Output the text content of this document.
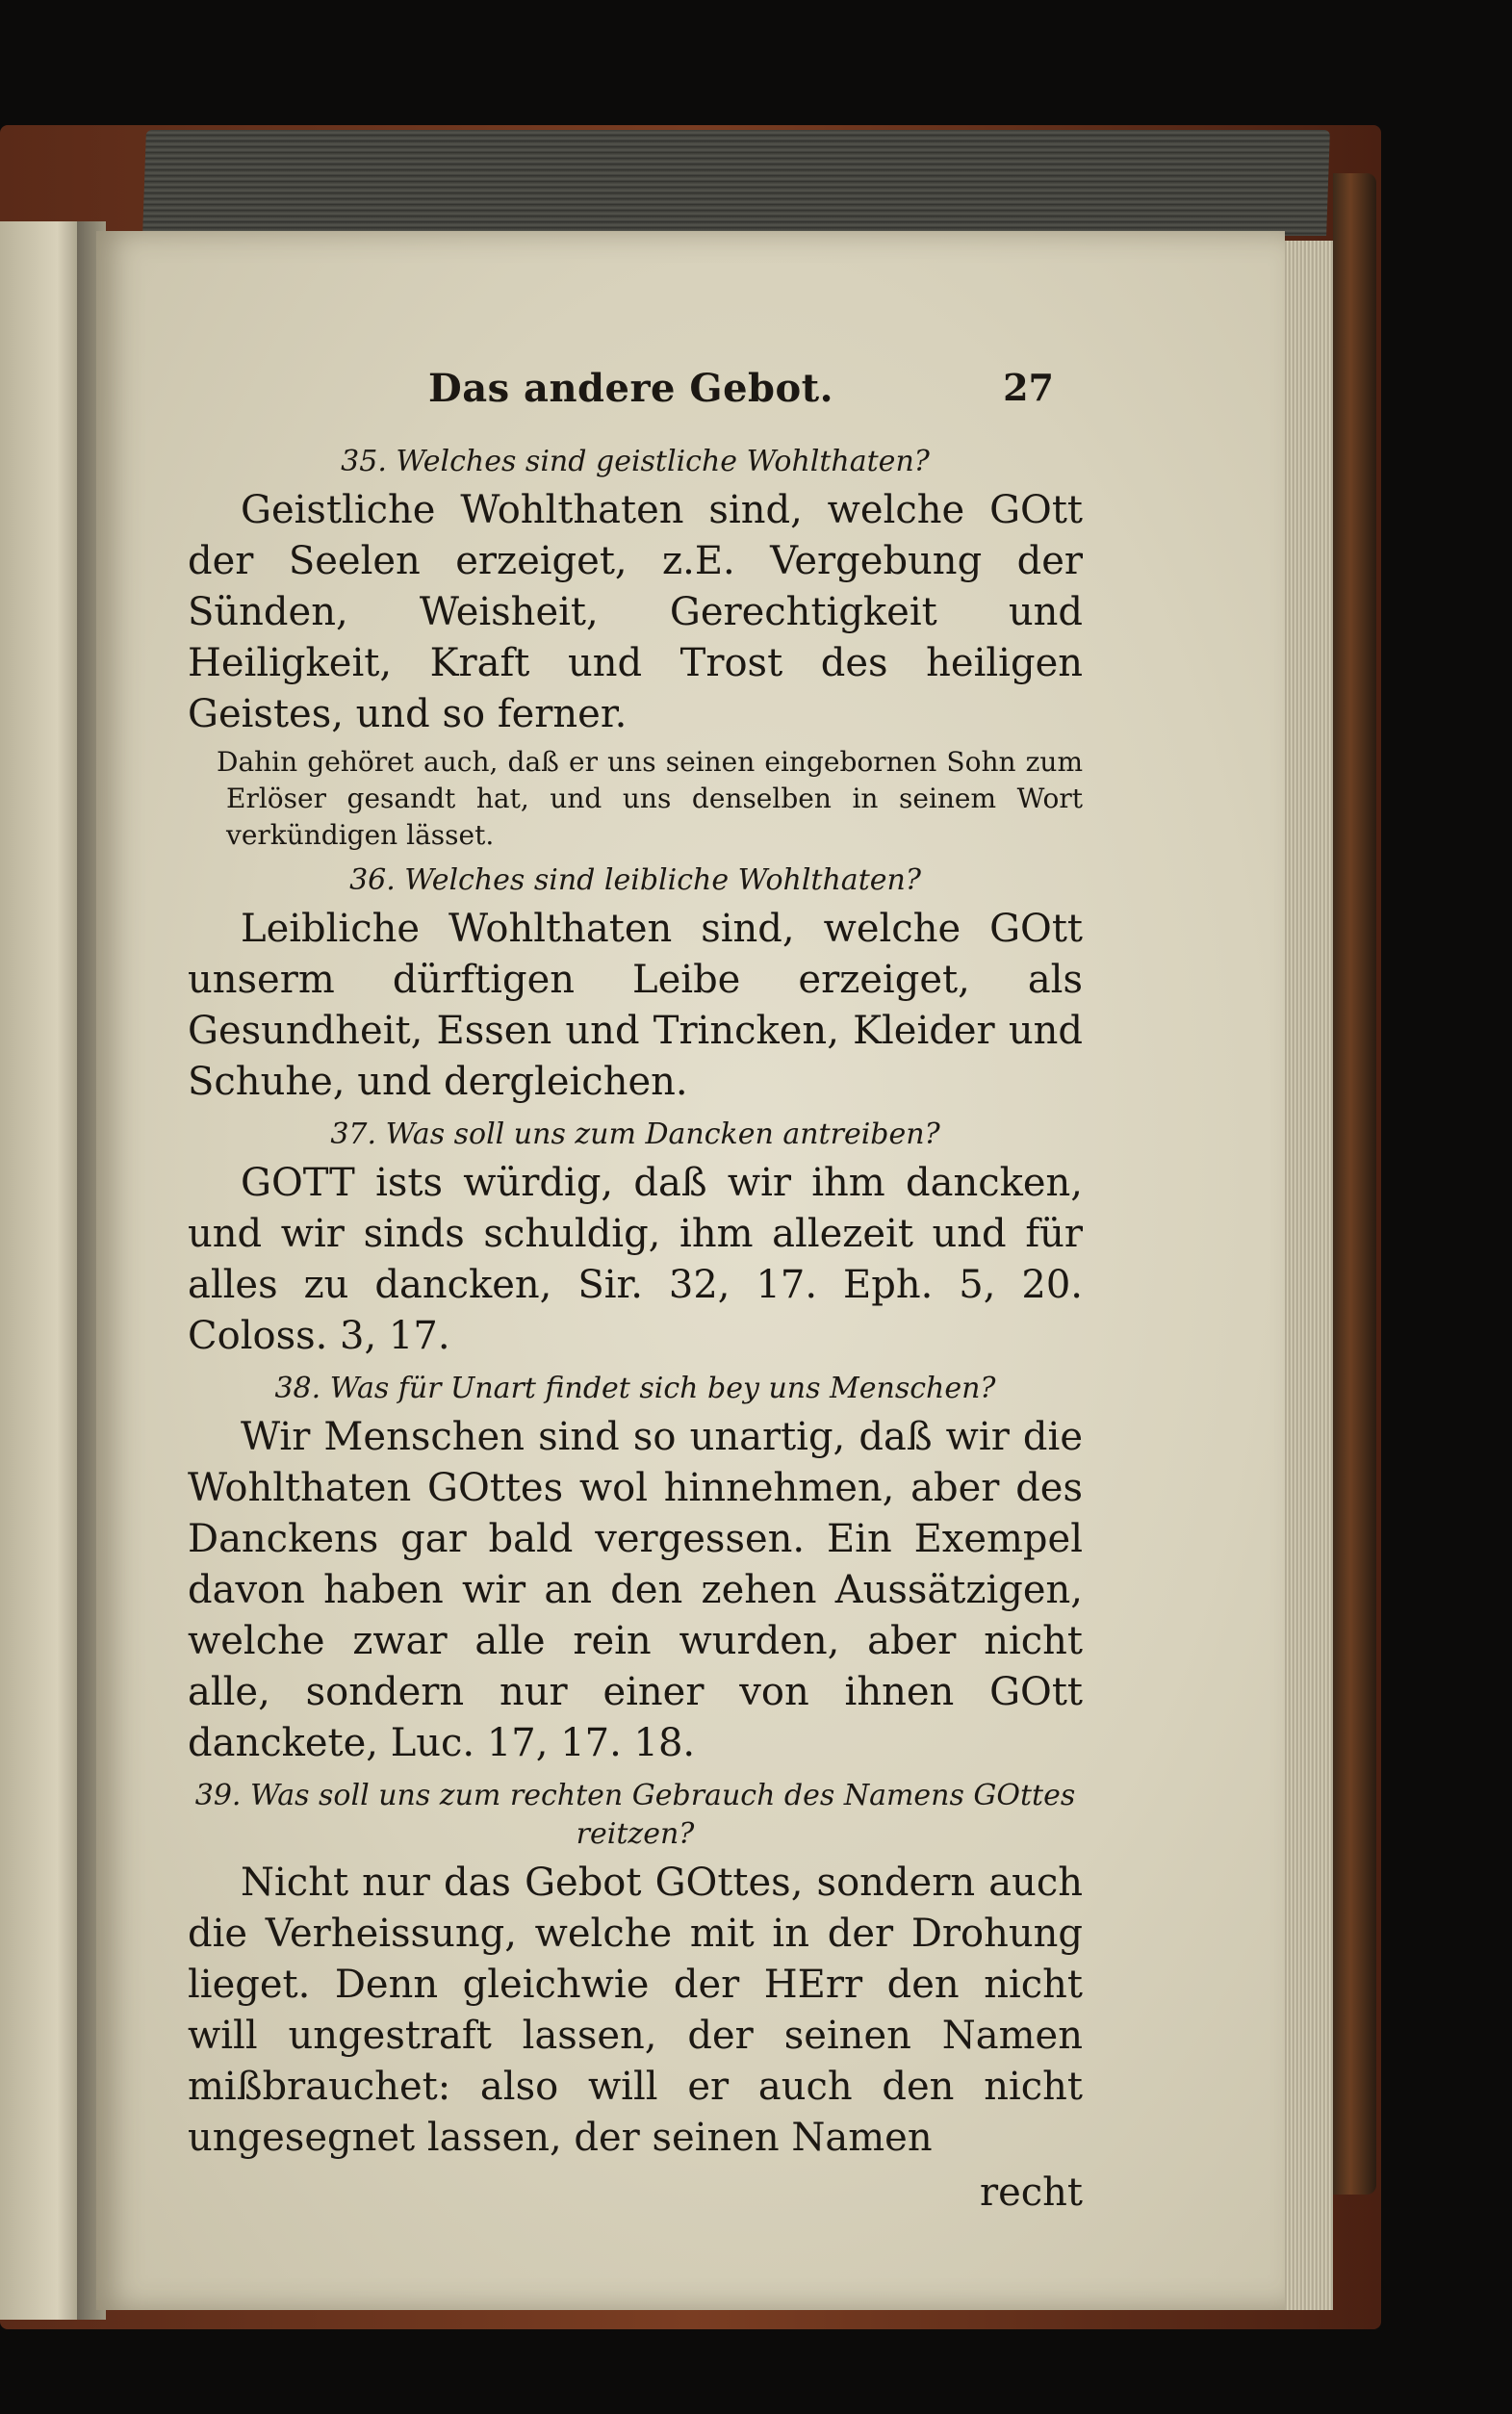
Das andere Gebot.	27
35. Welches sind geistliche Wohlthaten?

Geistliche Wohlthaten sind, welche GOtt der Seelen erzeiget, z.E. Vergebung der Sünden, Weisheit, Gerechtigkeit und Heiligkeit, Kraft und Trost des heiligen Geistes, und so ferner.

Dahin gehöret auch, daß er uns seinen eingebornen Sohn zum Erlöser gesandt hat, und uns denselben in seinem Wort verkündigen lässet.

36. Welches sind leibliche Wohlthaten?

Leibliche Wohlthaten sind, welche GOtt unserm dürftigen Leibe erzeiget, als Gesundheit, Essen und Trincken, Kleider und Schuhe, und dergleichen.

37. Was soll uns zum Dancken antreiben?

GOTT ists würdig, daß wir ihm dancken, und wir sinds schuldig, ihm allezeit und für alles zu dancken, Sir. 32, 17. Eph. 5, 20. Coloss. 3, 17.

38. Was für Unart findet sich bey uns Menschen?

Wir Menschen sind so unartig, daß wir die Wohlthaten GOttes wol hinnehmen, aber des Danckens gar bald vergessen. Ein Exempel davon haben wir an den zehen Aussätzigen, welche zwar alle rein wurden, aber nicht alle, sondern nur einer von ihnen GOtt danckete, Luc. 17, 17. 18.

39. Was soll uns zum rechten Gebrauch des Namens GOttes reitzen?

Nicht nur das Gebot GOttes, sondern auch die Verheissung, welche mit in der Drohung lieget. Denn gleichwie der HErr den nicht will ungestraft lassen, der seinen Namen mißbrauchet: also will er auch den nicht ungesegnet lassen, der seinen Namen

recht
